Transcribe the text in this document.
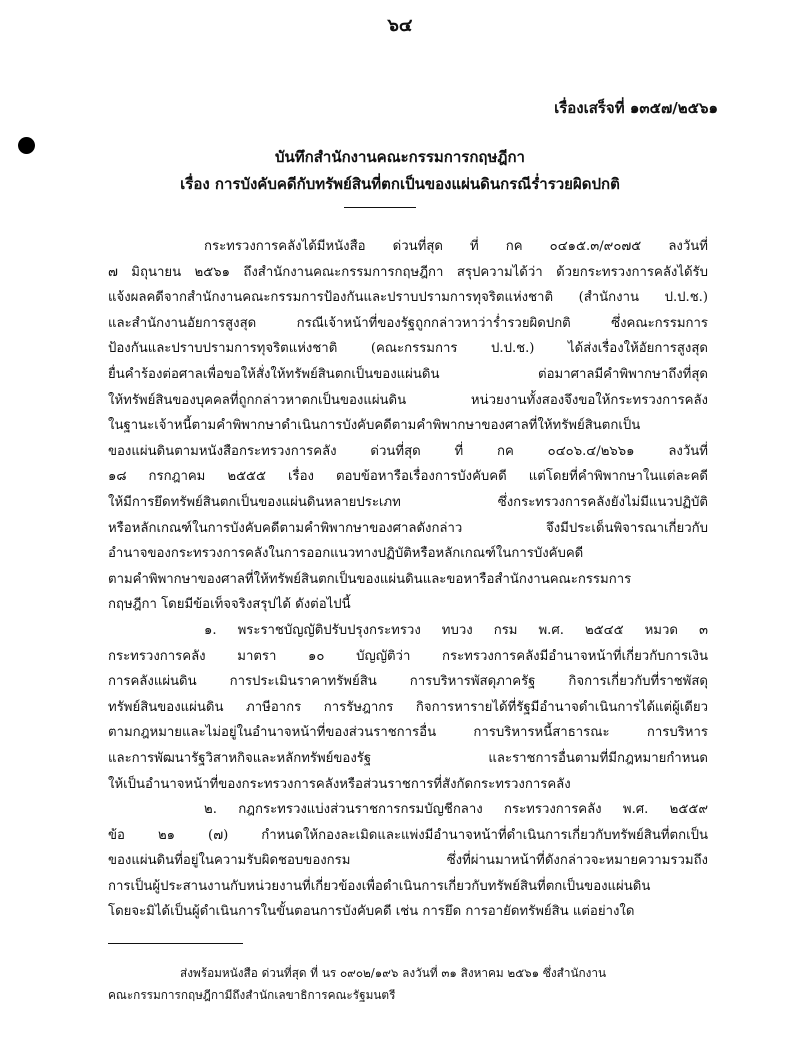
๖๔
เรื่องเสร็จที่ ๑๓๕๗/๒๕๖๑
บันทึกสำนักงานคณะกรรมการกฤษฎีกา
เรื่อง การบังคับคดีกับทรัพย์สินที่ตกเป็นของแผ่นดินกรณีร่ำรวยผิดปกติ
กระทรวงการคลังได้มีหนังสือ ด่วนที่สุด ที่ กค ๐๔๑๕.๓/๙๐๗๕ ลงวันที่
๗ มิถุนายน ๒๕๖๑ ถึงสำนักงานคณะกรรมการกฤษฎีกา สรุปความได้ว่า ด้วยกระทรวงการคลังได้รับ
แจ้งผลคดีจากสำนักงานคณะกรรมการป้องกันและปราบปรามการทุจริตแห่งชาติ (สำนักงาน ป.ป.ช.)
และสำนักงานอัยการสูงสุด กรณีเจ้าหน้าที่ของรัฐถูกกล่าวหาว่าร่ำรวยผิดปกติ ซึ่งคณะกรรมการ
ป้องกันและปราบปรามการทุจริตแห่งชาติ (คณะกรรมการ ป.ป.ช.) ได้ส่งเรื่องให้อัยการสูงสุด
ยื่นคำร้องต่อศาลเพื่อขอให้สั่งให้ทรัพย์สินตกเป็นของแผ่นดิน ต่อมาศาลมีคำพิพากษาถึงที่สุด
ให้ทรัพย์สินของบุคคลที่ถูกกล่าวหาตกเป็นของแผ่นดิน หน่วยงานทั้งสองจึงขอให้กระทรวงการคลัง
ในฐานะเจ้าหนี้ตามคำพิพากษาดำเนินการบังคับคดีตามคำพิพากษาของศาลที่ให้ทรัพย์สินตกเป็น
ของแผ่นดินตามหนังสือกระทรวงการคลัง ด่วนที่สุด ที่ กค ๐๔๐๖.๔/๒๖๖๑ ลงวันที่
๑๘ กรกฎาคม ๒๕๕๕ เรื่อง ตอบข้อหารือเรื่องการบังคับคดี แต่โดยที่คำพิพากษาในแต่ละคดี
ให้มีการยึดทรัพย์สินตกเป็นของแผ่นดินหลายประเภท ซึ่งกระทรวงการคลังยังไม่มีแนวปฏิบัติ
หรือหลักเกณฑ์ในการบังคับคดีตามคำพิพากษาของศาลดังกล่าว จึงมีประเด็นพิจารณาเกี่ยวกับ
อำนาจของกระทรวงการคลังในการออกแนวทางปฏิบัติหรือหลักเกณฑ์ในการบังคับคดี
ตามคำพิพากษาของศาลที่ให้ทรัพย์สินตกเป็นของแผ่นดินและขอหารือสำนักงานคณะกรรมการ
กฤษฎีกา โดยมีข้อเท็จจริงสรุปได้ ดังต่อไปนี้
๑. พระราชบัญญัติปรับปรุงกระทรวง ทบวง กรม พ.ศ. ๒๕๔๕ หมวด ๓
กระทรวงการคลัง มาตรา ๑๐ บัญญัติว่า กระทรวงการคลังมีอำนาจหน้าที่เกี่ยวกับการเงิน
การคลังแผ่นดิน การประเมินราคาทรัพย์สิน การบริหารพัสดุภาครัฐ กิจการเกี่ยวกับที่ราชพัสดุ
ทรัพย์สินของแผ่นดิน ภาษีอากร การรัษฎากร กิจการหารายได้ที่รัฐมีอำนาจดำเนินการได้แต่ผู้เดียว
ตามกฎหมายและไม่อยู่ในอำนาจหน้าที่ของส่วนราชการอื่น การบริหารหนี้สาธารณะ การบริหาร
และการพัฒนารัฐวิสาหกิจและหลักทรัพย์ของรัฐ และราชการอื่นตามที่มีกฎหมายกำหนด
ให้เป็นอำนาจหน้าที่ของกระทรวงการคลังหรือส่วนราชการที่สังกัดกระทรวงการคลัง
๒. กฎกระทรวงแบ่งส่วนราชการกรมบัญชีกลาง กระทรวงการคลัง พ.ศ. ๒๕๕๙
ข้อ ๒๑ (๗) กำหนดให้กองละเมิดและแพ่งมีอำนาจหน้าที่ดำเนินการเกี่ยวกับทรัพย์สินที่ตกเป็น
ของแผ่นดินที่อยู่ในความรับผิดชอบของกรม ซึ่งที่ผ่านมาหน้าที่ดังกล่าวจะหมายความรวมถึง
การเป็นผู้ประสานงานกับหน่วยงานที่เกี่ยวข้องเพื่อดำเนินการเกี่ยวกับทรัพย์สินที่ตกเป็นของแผ่นดิน
โดยจะมิได้เป็นผู้ดำเนินการในขั้นตอนการบังคับคดี เช่น การยึด การอายัดทรัพย์สิน แต่อย่างใด
ส่งพร้อมหนังสือ ด่วนที่สุด ที่ นร ๐๙๐๒/๑๙๖ ลงวันที่ ๓๑ สิงหาคม ๒๕๖๑ ซึ่งสำนักงาน
คณะกรรมการกฤษฎีกามีถึงสำนักเลขาธิการคณะรัฐมนตรี
